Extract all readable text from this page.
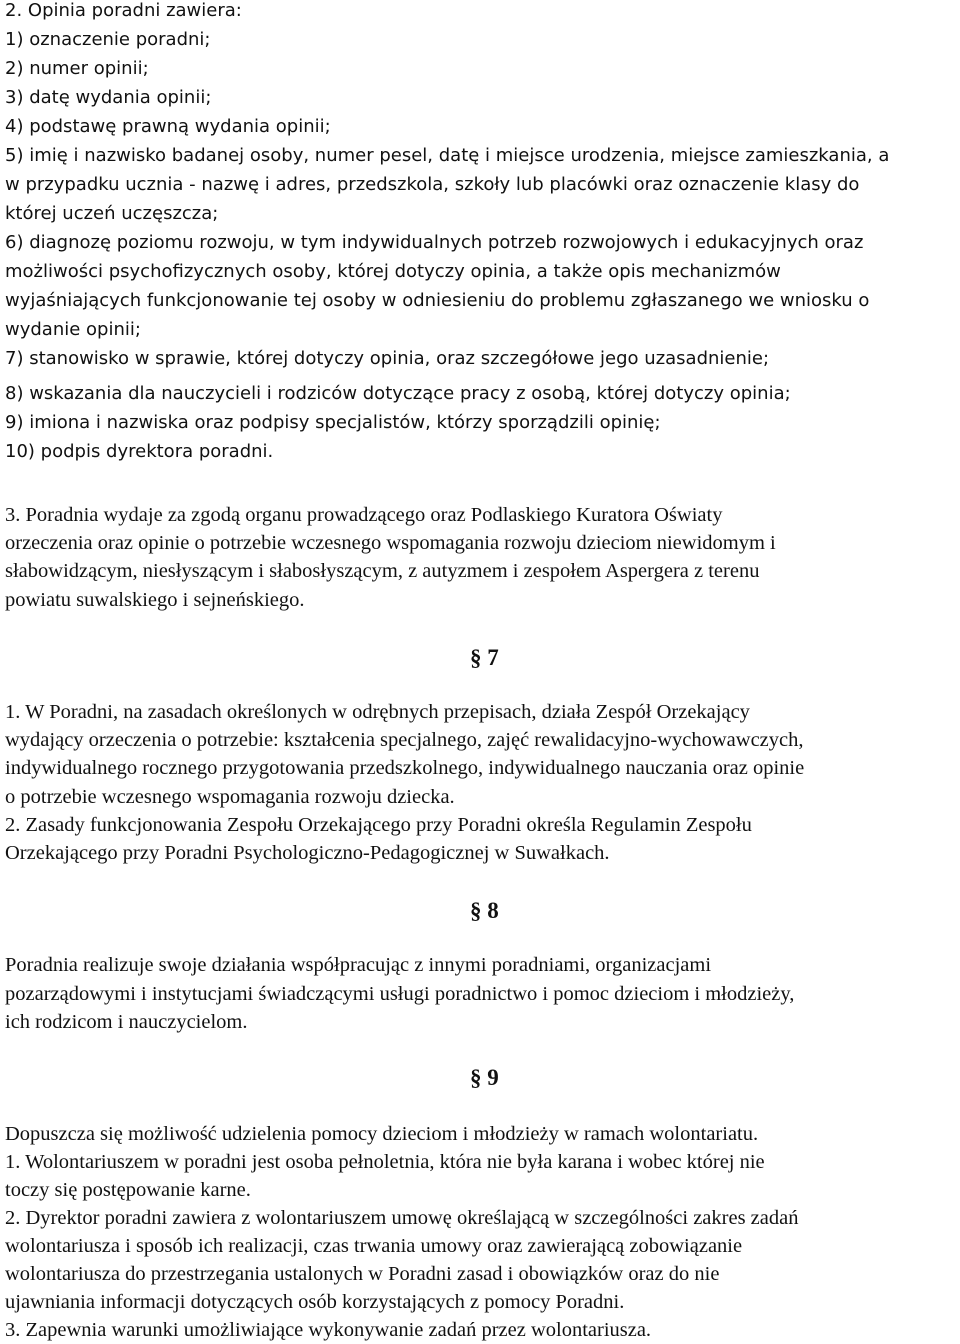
2. Opinia poradni zawiera:
1) oznaczenie poradni;
2) numer opinii;
3) datę wydania opinii;
4) podstawę prawną wydania opinii;
5) imię i nazwisko badanej osoby, numer pesel, datę i miejsce urodzenia, miejsce zamieszkania, a
w przypadku ucznia - nazwę i adres, przedszkola, szkoły lub placówki oraz oznaczenie klasy do
której uczeń uczęszcza;
6) diagnozę poziomu rozwoju, w tym indywidualnych potrzeb rozwojowych i edukacyjnych oraz
możliwości psychofizycznych osoby, której dotyczy opinia, a także opis mechanizmów
wyjaśniających funkcjonowanie tej osoby w odniesieniu do problemu zgłaszanego we wniosku o
wydanie opinii;
7) stanowisko w sprawie, której dotyczy opinia, oraz szczegółowe jego uzasadnienie;
8) wskazania dla nauczycieli i rodziców dotyczące pracy z osobą, której dotyczy opinia;
9) imiona i nazwiska oraz podpisy specjalistów, którzy sporządzili opinię;
10) podpis dyrektora poradni.
3. Poradnia wydaje za zgodą organu prowadzącego oraz Podlaskiego Kuratora Oświaty
orzeczenia oraz opinie o potrzebie wczesnego wspomagania rozwoju dzieciom niewidomym i
słabowidzącym, niesłyszącym i słabosłyszącym, z autyzmem i zespołem Aspergera z terenu
powiatu suwalskiego i sejneńskiego.
§ 7
1. W Poradni, na zasadach określonych w odrębnych przepisach, działa Zespół Orzekający
wydający orzeczenia o potrzebie: kształcenia specjalnego, zajęć rewalidacyjno-wychowawczych,
indywidualnego rocznego przygotowania przedszkolnego, indywidualnego nauczania oraz opinie
o potrzebie wczesnego wspomagania rozwoju dziecka.
2. Zasady funkcjonowania Zespołu Orzekającego przy Poradni określa Regulamin Zespołu
Orzekającego przy Poradni Psychologiczno-Pedagogicznej w Suwałkach.
§ 8
Poradnia realizuje swoje działania współpracując z innymi poradniami, organizacjami
pozarządowymi i instytucjami świadczącymi usługi poradnictwo i pomoc dzieciom i młodzieży,
ich rodzicom i nauczycielom.
§ 9
Dopuszcza się możliwość udzielenia pomocy dzieciom i młodzieży w ramach wolontariatu.
1. Wolontariuszem w poradni jest osoba pełnoletnia, która nie była karana i wobec której nie
toczy się postępowanie karne.
2. Dyrektor poradni zawiera z wolontariuszem umowę określającą w szczególności zakres zadań
wolontariusza i sposób ich realizacji, czas trwania umowy oraz zawierającą zobowiązanie
wolontariusza do przestrzegania ustalonych w Poradni zasad i obowiązków oraz do nie
ujawniania informacji dotyczących osób korzystających z pomocy Poradni.
3. Zapewnia warunki umożliwiające wykonywanie zadań przez wolontariusza.
